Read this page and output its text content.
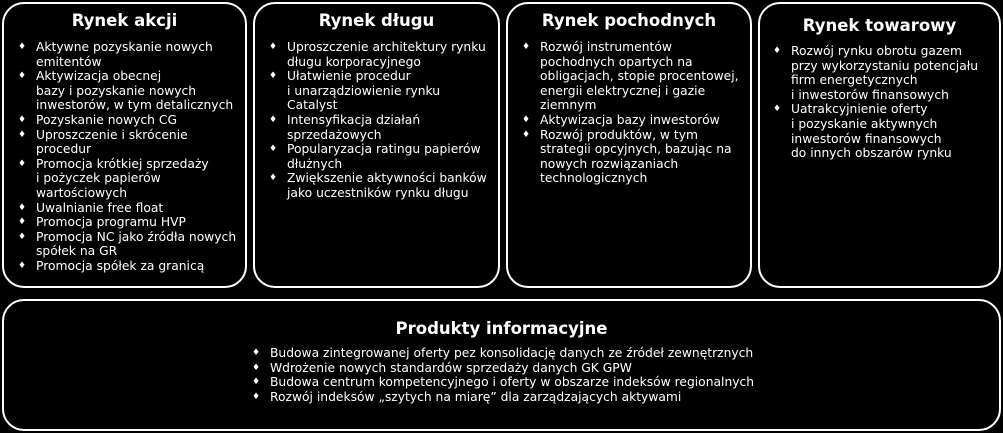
Rynek akcji
♦ Aktywne pozyskanie nowych
emitentów
♦ Aktywizacja obecnej
bazy i pozyskanie nowych
inwestorów, w tym detalicznych
♦ Pozyskanie nowych CG
♦ Uproszczenie i skrócenie
procedur
♦ Promocja krótkiej sprzedaży
i pożyczek papierów
wartościowych
♦ Uwalnianie free float
♦ Promocja programu HVP
♦ Promocja NC jako źródła nowych
spółek na GR
♦ Promocja spółek za granicą
Rynek długu
♦ Uproszczenie architektury rynku
długu korporacyjnego
♦ Ułatwienie procedur
i unarządziowienie rynku
Catalyst
♦ Intensyfikacja działań
sprzedażowych
♦ Popularyzacja ratingu papierów
dłużnych
♦ Zwiększenie aktywności banków
jako uczestników rynku długu
Rynek pochodnych
♦ Rozwój instrumentów
pochodnych opartych na
obligacjach, stopie procentowej,
energii elektrycznej i gazie
ziemnym
♦ Aktywizacja bazy inwestorów
♦ Rozwój produktów, w tym
strategii opcyjnych, bazując na
nowych rozwiązaniach
technologicznych
Rynek towarowy
♦ Rozwój rynku obrotu gazem
przy wykorzystaniu potencjału
firm energetycznych
i inwestorów finansowych
♦ Uatrakcyjnienie oferty
i pozyskanie aktywnych
inwestorów finansowych
do innych obszarów rynku
Produkty informacyjne
♦ Budowa zintegrowanej oferty pez konsolidację danych ze źródeł zewnętrznych
♦ Wdrożenie nowych standardów sprzedaży danych GK GPW
♦ Budowa centrum kompetencyjnego i oferty w obszarze indeksów regionalnych
♦ Rozwój indeksów „szytych na miarę” dla zarządzających aktywami
